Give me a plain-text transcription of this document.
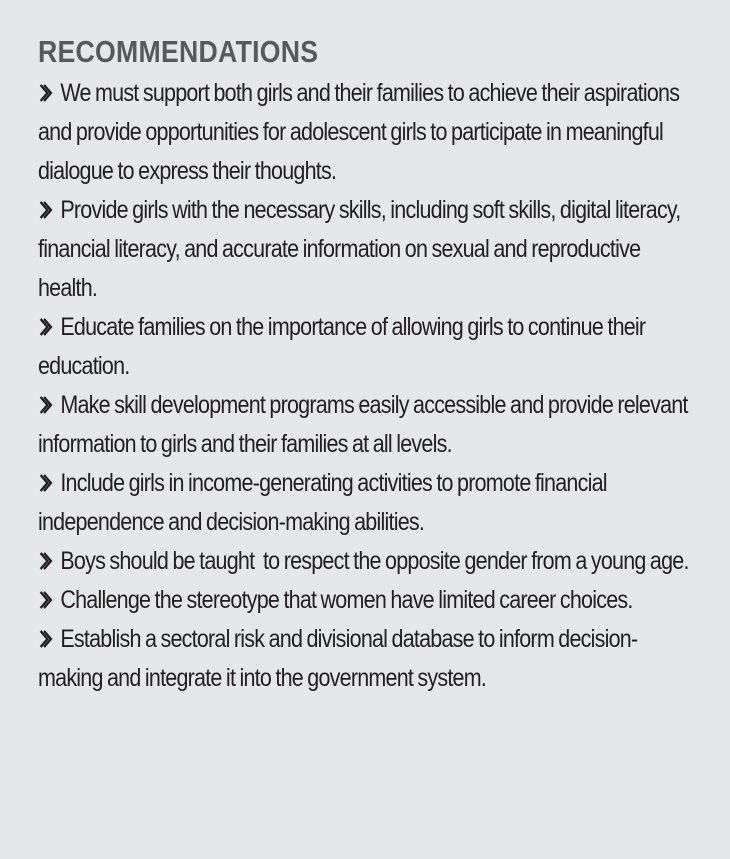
RECOMMENDATIONS
We must support both girls and their families to achieve their aspirations and provide opportunities for adolescent girls to participate in meaningful dialogue to express their thoughts.
Provide girls with the necessary skills, including soft skills, digital literacy, financial literacy, and accurate information on sexual and reproductive health.
Educate families on the importance of allowing girls to continue their education.
Make skill development programs easily accessible and provide relevant information to girls and their families at all levels.
Include girls in income-generating activities to promote financial independence and decision-making abilities.
Boys should be taught  to respect the opposite gender from a young age.
Challenge the stereotype that women have limited career choices.
Establish a sectoral risk and divisional database to inform decision-making and integrate it into the government system.
